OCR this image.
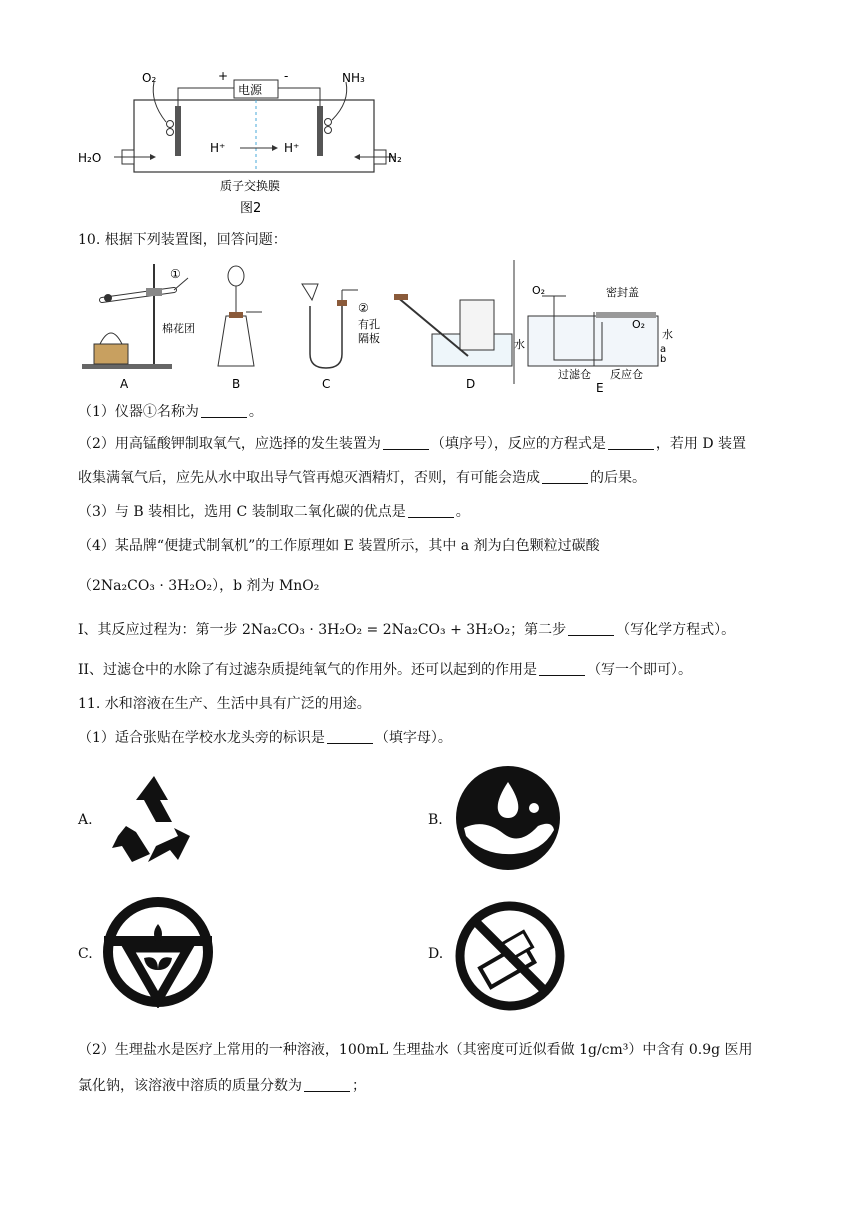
O₂	+
电源
-	NH₃
H₂O
H⁺	H⁺
N₂
质子交换膜
图2
10. 根据下列装置图，回答问题：
①
棉花团
②
有孔
隔板
O₂	密封盖
O₂
水
水	a
b
过滤仓 反应仓
A	B	C	D	E
（1）仪器①名称为	。
（2）用高锰酸钾制取氧气，应选择的发生装置为	（填序号），反应的方程式是	，若用 D 装置
收集满氧气后，应先从水中取出导气管再熄灭酒精灯，否则，有可能会造成	的后果。
（3）与 B 装相比，选用 C 装制取二氧化碳的优点是	。
（4）某品牌“便捷式制氧机”的工作原理如 E 装置所示，其中 a 剂为白色颗粒过碳酸
（2Na₂CO₃ · 3H₂O₂），b 剂为 MnO₂
I、其反应过程为：第一步 2Na₂CO₃ · 3H₂O₂ = 2Na₂CO₃ + 3H₂O₂；第二步	（写化学方程式）。
II、过滤仓中的水除了有过滤杂质提纯氧气的作用外。还可以起到的作用是	（写一个即可）。
11. 水和溶液在生产、生活中具有广泛的用途。
（1）适合张贴在学校水龙头旁的标识是	（填字母）。
A.	B.
C.	D.
（2）生理盐水是医疗上常用的一种溶液，100mL 生理盐水（其密度可近似看做 1g/cm³）中含有 0.9g 医用
氯化钠，该溶液中溶质的质量分数为	；
